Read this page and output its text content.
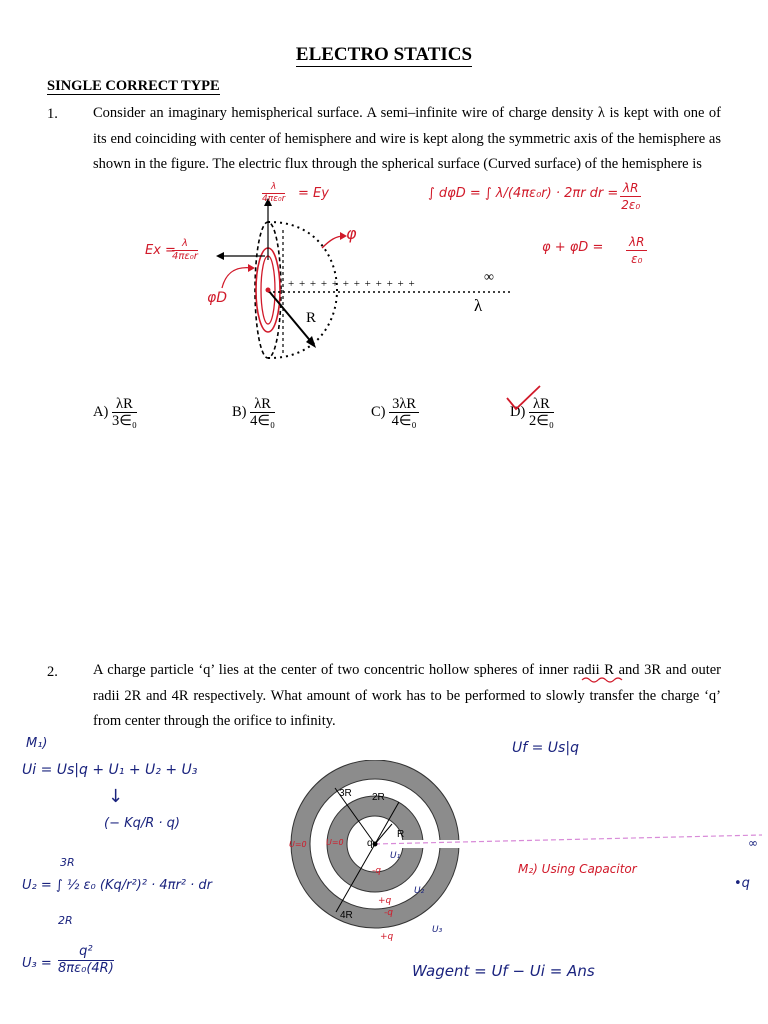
ELECTRO STATICS
SINGLE CORRECT TYPE
1. Consider an imaginary hemispherical surface. A semi–infinite wire of charge density λ is kept with one of its end coinciding with center of hemisphere and wire is kept along the symmetric axis of the hemisphere as shown in the figure. The electric flux through the spherical surface (Curved surface) of the hemisphere is
+ + + + + + + + + + + +	∞
λ
R
$\frac{\lambda}{\text{4πε₀r}} = Ey$
Ex =
$\frac{\lambda}{\text{4πε₀r}}$
φ
φD
∫ dφD = ∫ λ/(4πε₀r) · 2πr dr = $\frac{\lambda R}{\text{2ε₀}}$
$\varphi + \varphi D = \frac{\lambda R}{\text{ε₀}}$
$A) \frac{\lambda R}{\text{3∈₀}}$	$B) \frac{\lambda R}{\text{4∈₀}}$	$C) \frac{3\lambda R}{\text{4∈₀}}$	$D) \frac{\lambda R}{\text{2∈₀}}$
2. A charge particle ‘q’ lies at the center of two concentric hollow spheres of inner radii R and 3R and outer radii 2R and 4R respectively. What amount of work has to be performed to slowly transfer the charge ‘q’ from center through the orifice to infinity.
3R 2R
R
q
4R
U₁
U₂
U₃
U=0 U=0
-q
+q
-q
+q
M₁)
Ui = Us|q + U₁ + U₂ + U₃
↓
(− Kq/R · q)
3R
U₂ = ∫ ½ ε₀ (Kq/r²)² · 4πr² · dr
2R
$U_3 = \frac{\text{q²}}{\text{8πε₀(4R)}}$
Uf = Us|q
M₂) Using Capacitor
∞
•q
Wagent = Uf − Ui = Ans
